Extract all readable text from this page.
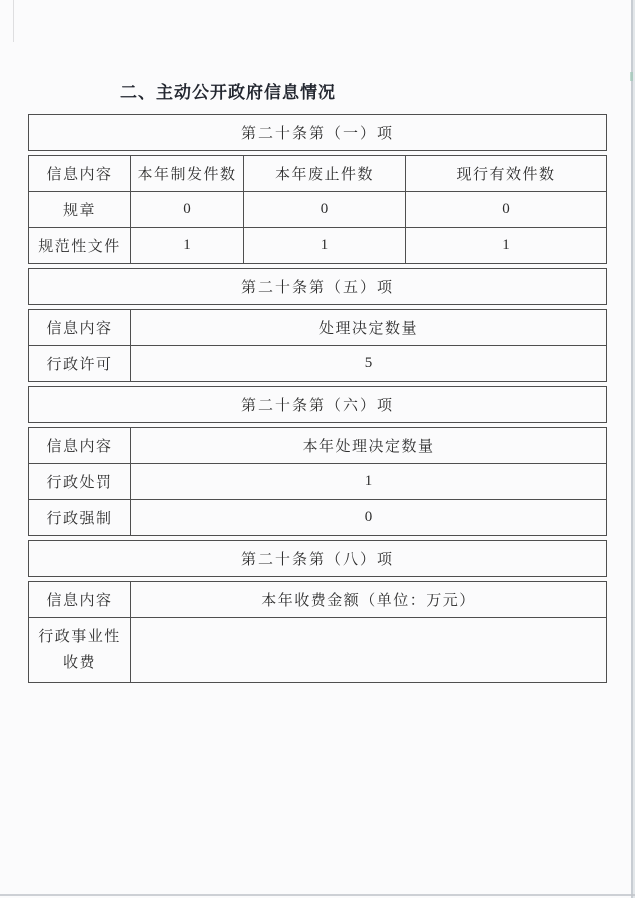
二、主动公开政府信息情况
第二十条第（一）项
信息内容	本年制发件数	本年废止件数	现行有效件数
规章	0	0	0
规范性文件	1	1	1
第二十条第（五）项
信息内容	处理决定数量
行政许可	5
第二十条第（六）项
信息内容	本年处理决定数量
行政处罚	1
行政强制	0
第二十条第（八）项
信息内容	本年收费金额（单位：万元）
行政事业性收费
